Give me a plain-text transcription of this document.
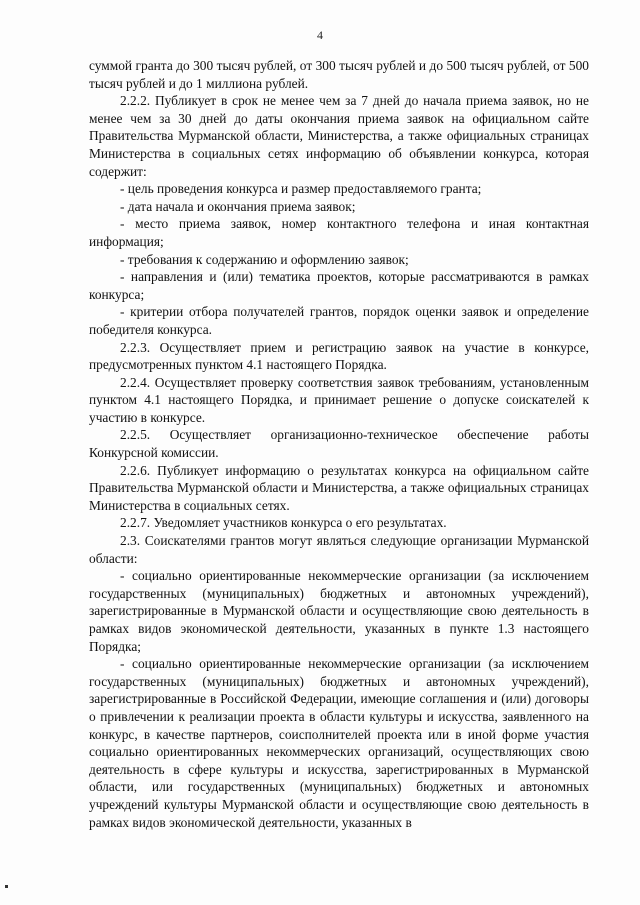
4

суммой гранта до 300 тысяч рублей, от 300 тысяч рублей и до 500 тысяч рублей, от 500 тысяч рублей и до 1 миллиона рублей.

2.2.2. Публикует в срок не менее чем за 7 дней до начала приема заявок, но не менее чем за 30 дней до даты окончания приема заявок на официальном сайте Правительства Мурманской области, Министерства, а также официальных страницах Министерства в социальных сетях информацию об объявлении конкурса, которая содержит:

- цель проведения конкурса и размер предоставляемого гранта;

- дата начала и окончания приема заявок;

- место приема заявок, номер контактного телефона и иная контактная информация;

- требования к содержанию и оформлению заявок;

- направления и (или) тематика проектов, которые рассматриваются в рамках конкурса;

- критерии отбора получателей грантов, порядок оценки заявок и определение победителя конкурса.

2.2.3. Осуществляет прием и регистрацию заявок на участие в конкурсе, предусмотренных пунктом 4.1 настоящего Порядка.

2.2.4. Осуществляет проверку соответствия заявок требованиям, установленным пунктом 4.1 настоящего Порядка, и принимает решение о допуске соискателей к участию в конкурсе.

2.2.5. Осуществляет организационно-техническое обеспечение работы Конкурсной комиссии.

2.2.6. Публикует информацию о результатах конкурса на официальном сайте Правительства Мурманской области и Министерства, а также официальных страницах Министерства в социальных сетях.

2.2.7. Уведомляет участников конкурса о его результатах.

2.3. Соискателями грантов могут являться следующие организации Мурманской области:

- социально ориентированные некоммерческие организации (за исключением государственных (муниципальных) бюджетных и автономных учреждений), зарегистрированные в Мурманской области и осуществляющие свою деятельность в рамках видов экономической деятельности, указанных в пункте 1.3 настоящего Порядка;

- социально ориентированные некоммерческие организации (за исключением государственных (муниципальных) бюджетных и автономных учреждений), зарегистрированные в Российской Федерации, имеющие соглашения и (или) договоры о привлечении к реализации проекта в области культуры и искусства, заявленного на конкурс, в качестве партнеров, соисполнителей проекта или в иной форме участия социально ориентированных некоммерческих организаций, осуществляющих свою деятельность в сфере культуры и искусства, зарегистрированных в Мурманской области, или государственных (муниципальных) бюджетных и автономных учреждений культуры Мурманской области и осуществляющие свою деятельность в рамках видов экономической деятельности, указанных в
